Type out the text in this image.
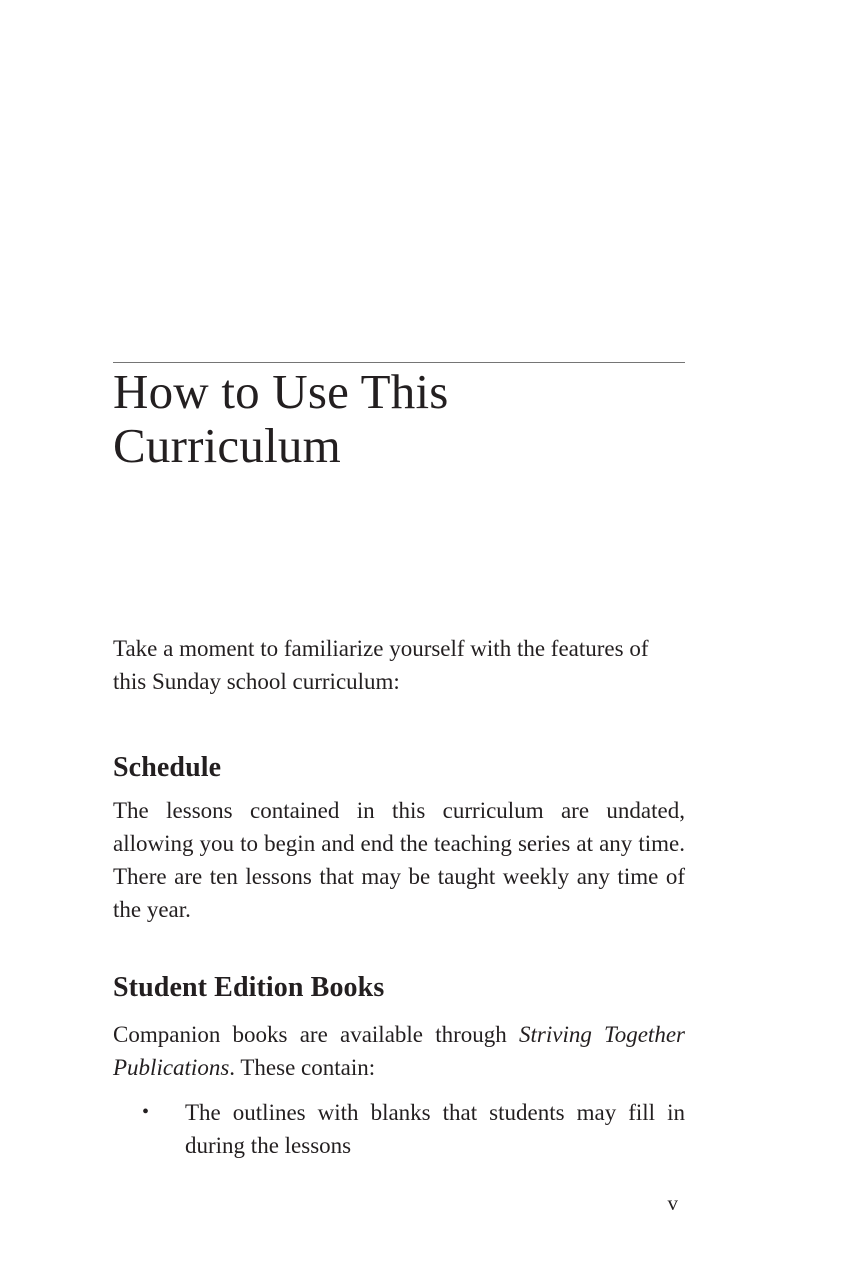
How to Use This
Curriculum
Take a moment to familiarize yourself with the features of
this Sunday school curriculum:
Schedule
The lessons contained in this curriculum are undated,
allowing you to begin and end the teaching series at any time.
There are ten lessons that may be taught weekly any time of
the year.
Student Edition Books
Companion books are available through Striving Together
Publications. These contain:
•	The outlines with blanks that students may fill in
during the lessons
v
